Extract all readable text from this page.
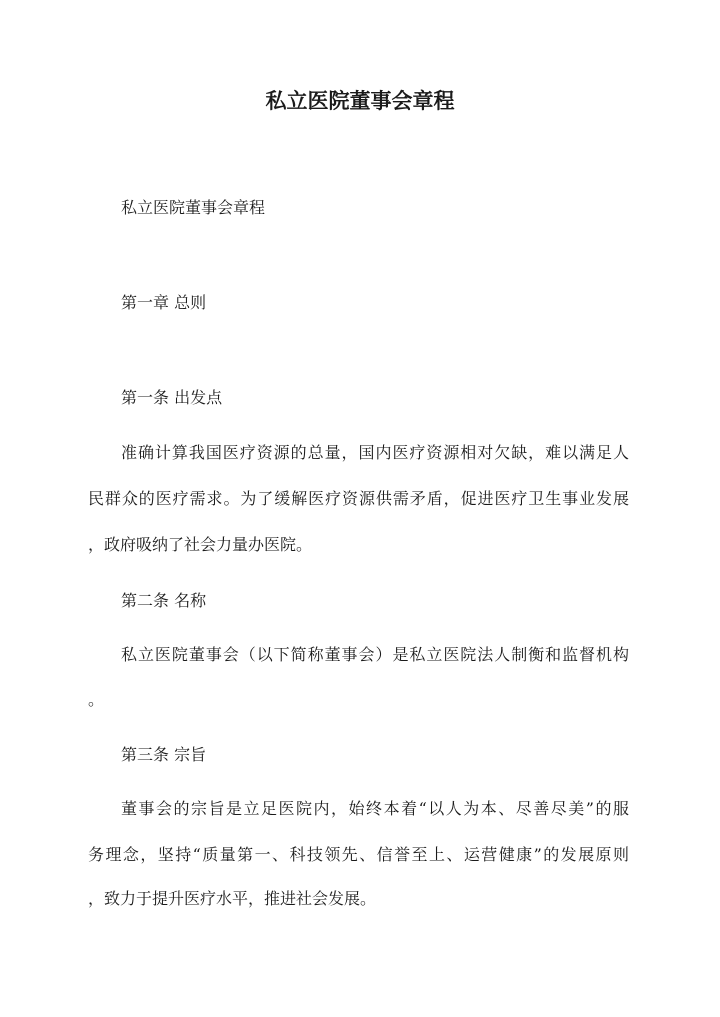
私立医院董事会章程

私立医院董事会章程

第一章 总则

第一条 出发点

准确计算我国医疗资源的总量，国内医疗资源相对欠缺，难以满足人

民群众的医疗需求。为了缓解医疗资源供需矛盾，促进医疗卫生事业发展

，政府吸纳了社会力量办医院。

第二条 名称

私立医院董事会（以下简称董事会）是私立医院法人制衡和监督机构

。

第三条 宗旨

董事会的宗旨是立足医院内，始终本着“以人为本、尽善尽美”的服

务理念，坚持“质量第一、科技领先、信誉至上、运营健康”的发展原则

，致力于提升医疗水平，推进社会发展。
